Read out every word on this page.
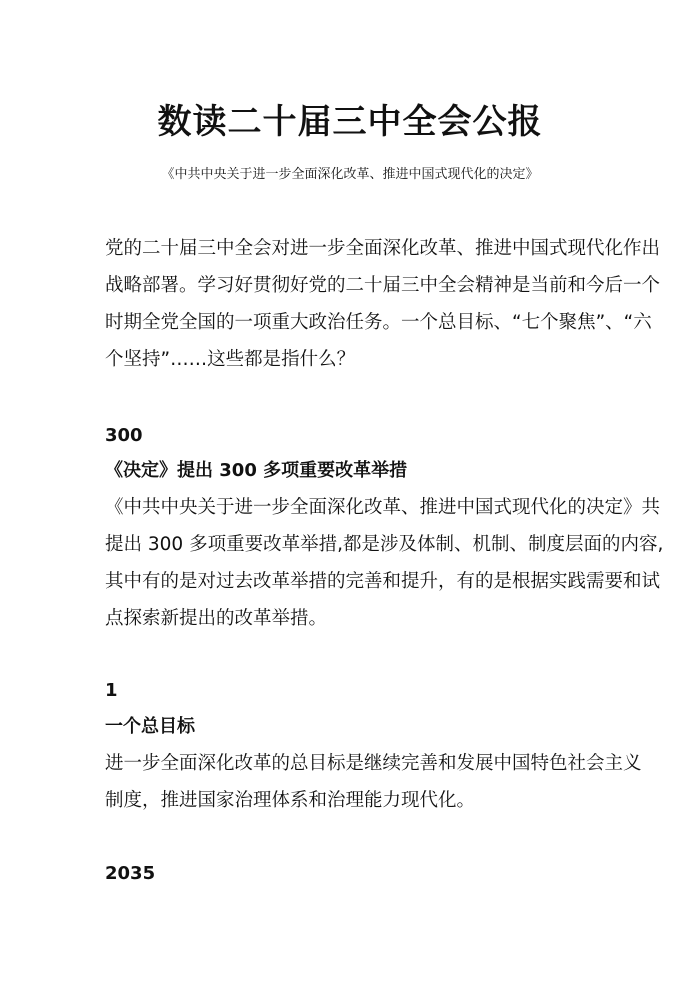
数读二十届三中全会公报
《中共中央关于进一步全面深化改革、推进中国式现代化的决定》
党的二十届三中全会对进一步全面深化改革、推进中国式现代化作出
战略部署。学习好贯彻好党的二十届三中全会精神是当前和今后一个
时期全党全国的一项重大政治任务。一个总目标、“七个聚焦”、“六
个坚持”……这些都是指什么？
300
《决定》提出 300 多项重要改革举措
《中共中央关于进一步全面深化改革、推进中国式现代化的决定》共
提出 300 多项重要改革举措,都是涉及体制、机制、制度层面的内容,
其中有的是对过去改革举措的完善和提升，有的是根据实践需要和试
点探索新提出的改革举措。
1
一个总目标
进一步全面深化改革的总目标是继续完善和发展中国特色社会主义
制度，推进国家治理体系和治理能力现代化。
2035
